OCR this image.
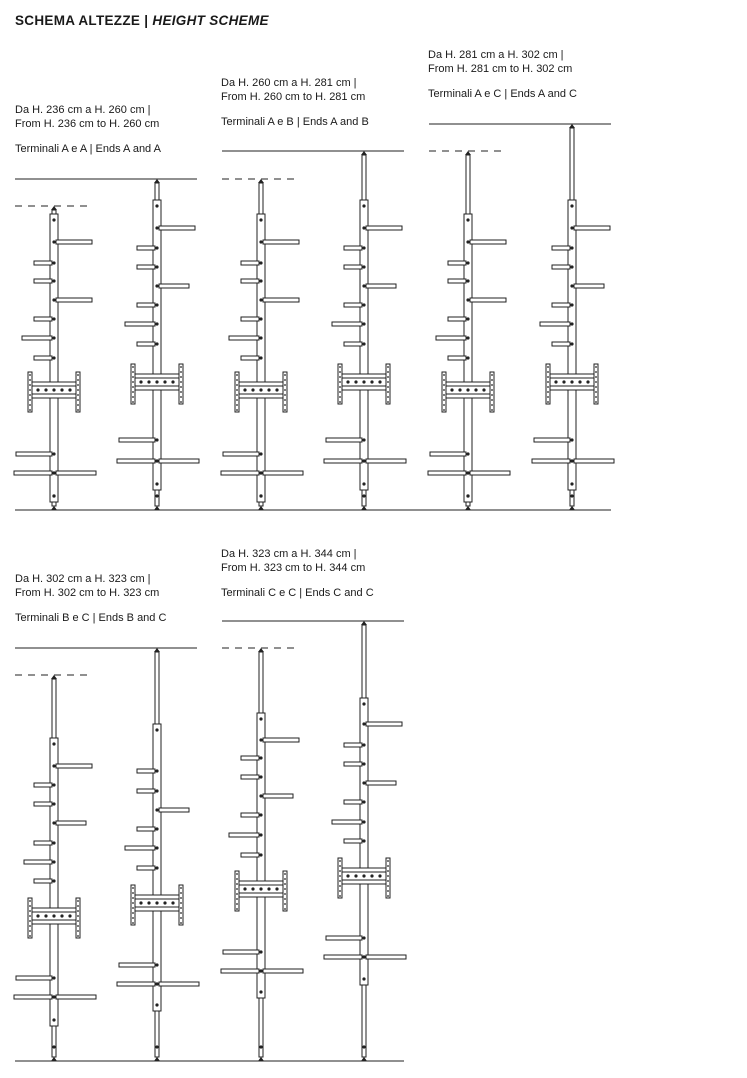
SCHEMA ALTEZZE | HEIGHT SCHEME
Da H. 236 cm a H. 260 cm |
From H. 236 cm to H. 260 cm
Terminali A e A | Ends A and A
Da H. 260 cm a H. 281 cm |
From H. 260 cm to H. 281 cm
Terminali A e B | Ends A and B
Da H. 281 cm a H. 302 cm |
From H. 281 cm to H. 302 cm
Terminali A e C | Ends A and C
Da H. 302 cm a H. 323 cm |
From H. 302 cm to H. 323 cm
Terminali B e C | Ends B and C
Da H. 323 cm a H. 344 cm |
From H. 323 cm to H. 344 cm
Terminali C e C | Ends C and C
